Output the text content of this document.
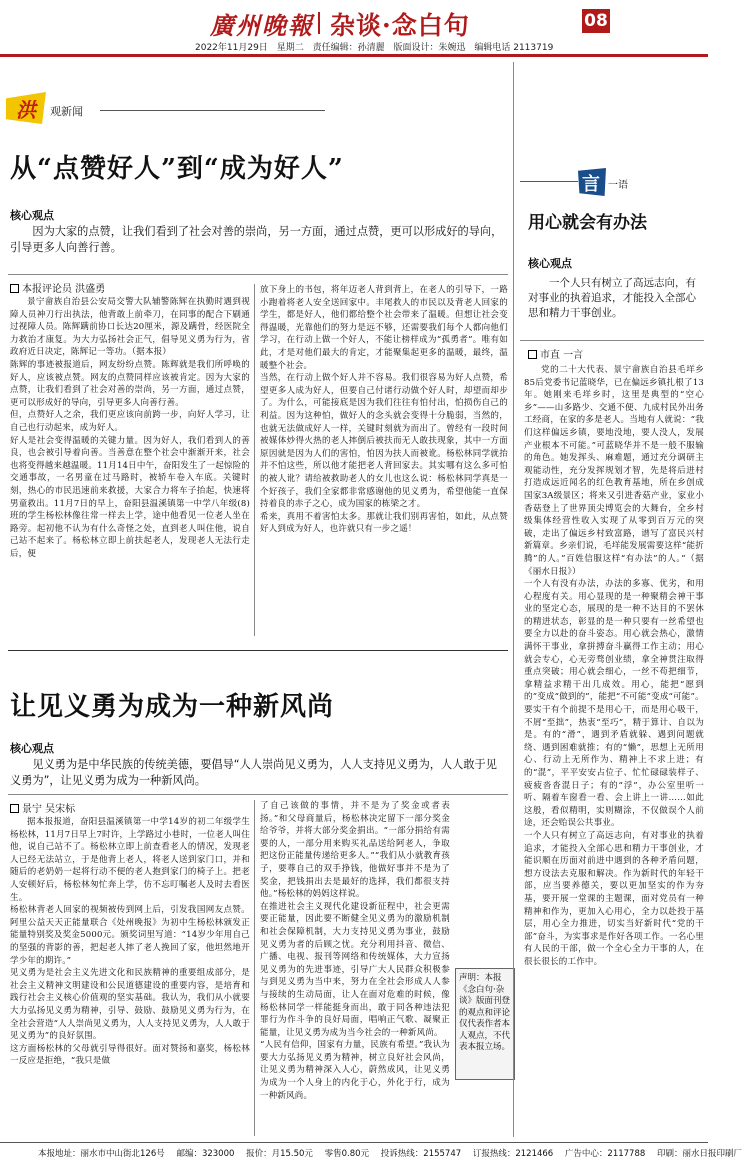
廣州晚報 杂谈·念白句	08
2022年11月29日 星期二 责任编辑：孙清麗 版面设计：朱婉迅 编辑电话 2113719
洪 观新闻
从“点赞好人”到“成为好人”
核心观点
因为大家的点赞，让我们看到了社会对善的崇尚，另一方面，通过点赞，更可以形成好的导向，引导更多人向善行善。
本报评论员 洪盛勇
景宁畲族自治县公安局交警大队辅警陈辉在执勤时遇到视障人员神刀行出执法，他背敢上前牵刀，在同事的配合下刷通过视障人员。陈辉蹒前协口长达20厘米，源及蹒骨，经医院全力救治才康复。为大力弘扬社会正气，倡导见义勇为行为，省政府近日决定，陈辉记一等功。（据本报）
陈辉的事迹被报道后，网友纷纷点赞。陈辉就是我们所呼唤的好人，应该被点赞。网友的点赞同样应该被肯定。因为大家的点赞，让我们看到了社会对善的崇尚，另一方面，通过点赞，更可以形成好的导向，引导更多人向善行善。
但，点赞好人之余，我们更应该向前跨一步，向好人学习，让自己也行动起来，成为好人。
好人是社会变得温暖的关键力量。因为好人，我们看到人的善良，也会被引导着向善。当善意在整个社会中渐渐开来，社会也将变得越来越温暖。11月14日中午，奋阳发生了一起惊险的交通事故，一名男童在过马路时，被轿车卷入车底。关键时刻，热心的市民迅速前来救援，大家合力将车子抬起，快速将男童救出。11月7日的早上，奋阳县温溪镇第一中学八年级(8)班的学生杨松林像往常一样去上学，途中他看见一位老人坐在路旁。起初他不认为有什么奇怪之处，直到老人叫住他，说自己站不起来了。杨松林立即上前扶起老人，发现老人无法行走后，便
放下身上的书包，将年迈老人背到背上，在老人的引导下，一路小跑着将老人安全送回家中。丰尾救人的市民以及背老人回家的学生，都是好人，他们都给整个社会带来了温暖。但想让社会变得温暖，光靠他们的努力是远不够，还需要我们每个人都向他们学习，在行动上做一个好人，不能让榜样成为“孤勇者”。唯有如此，才是对他们最大的肯定，才能聚集起更多的温暖，最终，温暖整个社会。
当然，在行动上做个好人并不容易。我们很容易为好人点赞，希望更多人成为好人，但要自己付诸行动做个好人时，却望而却步了。为什么，可能接底是因为我们往往有怕付出，怕损伤自己的利益。因为这种怕，做好人的念头就会变得十分脆弱，当然的，也就无法做成好人一样，关键时刻就为而出了。曾经有一段时间被媒体炒得火热的老人摔倒后被扶而无人敢扶现象，其中一方面原因就是因为人们的害怕，怕因为扶人而被讹。杨松林同学就抬并不怕这些，所以他才能把老人背回家去。其实哪有这么多可怕的被人讹？请给被救助老人的女儿也这么说：杨松林同学真是一个好孩子，我们全家都非常感谢他的见义勇为，希望他能一直保持着良的赤子之心，成为国家的栋梁之才。
希来，真用不着害怕太多。那就让我们别再害怕，如此，从点赞好人到成为好人，也许就只有一步之遥！
让见义勇为成为一种新风尚
核心观点
见义勇为是中华民族的传统美德，要倡导“人人崇尚见义勇为，人人支持见义勇为，人人敢于见义勇为”，让见义勇为成为一种新风尚。
景宁 吴宋标
据本报报道，奋阳县温溪镇第一中学14岁的初二年级学生杨松林，11月7日早上7时许，上学路过小巷时，一位老人叫住他，说自己站不了。杨松林立即上前查看老人的情况，发现老人已经无法站立，于是他背上老人，将老人送到家门口，并和随后的老奶奶一起将行动不便的老人抱到家门的椅子上。把老人安顿好后，杨松林匆忙奔上学，仿不忘叮嘱老人及时去看医生。
杨松林背老人回家的视频被传到网上后，引发我国网友点赞。阿里公益天天正能量联合《处州晚报》为初中生杨松林颁发正能量特别奖及奖金5000元。颁奖词里写道：“14岁少年用自己的坚强的背影的善，把起老人摔了老人挽回了家，他坦然地开学少年的期许。”
见义勇为是社会主义先进文化和民族精神的重要组成部分，是社会主义精神文明建设和公民道德建设的重要内容，是培育和践行社会主义核心价值观的坚实基础。我认为，我们从小就要大力弘扬见义勇为精神，引导、鼓励、鼓励见义勇为行为，在全社会营造“人人崇尚见义勇为，人人支持见义勇为，人人敢于见义勇为”的良好氛围。
这方面杨松林的父母就引导得很好。面对赞扬和嘉奖，杨松林一反应是拒绝，“我只是做
了自己该做的事情，并不是为了奖金或者表扬。”和父母商量后，杨松林决定留下一部分奖金给爷爷，并将大部分奖金捐出。“一部分捐给有需要的人，一部分用来购买礼品送给阿老人，争取把这份正能量传递给更多人。”“我们从小就教育孩子，要尊自己的双手挣钱，他做好事并不是为了奖金，把钱捐出去是最好的选择，我们都很支持他。”杨松林的妈妈这样说。
在推进社会主义现代化建设新征程中，社会更需要正能量，因此要不断健全见义勇为的激励机制和社会保障机制，大力支持见义勇为事业，鼓励见义勇为者的后顾之忧。充分利用抖音、微信、广播、电视、报刊等网络和传统媒体，大力宣扬见义勇为的先进事迹，引导广大人民群众积极参与到见义勇为当中来，努力在全社会形成人人参与接续的生动局面，让人在面对危难的时候，像杨松林同学一样能挺身而出，敢于同各种违法犯罪行为作斗争的良好局面，唱响正气歌、凝聚正能量，让见义勇为成为当今社会的一种新风尚。
“人民有信仰，国家有力量，民族有希望。”我认为要大力弘扬见义勇为精神，树立良好社会风尚，让见义勇为精神深入人心，蔚然成风，让见义勇为成为一个人身上的内化于心，外化于行，成为一种新风尚。
声明：本报《念白句·杂谈》版面刊登的观点和评论仅代表作者本人观点，不代表本报立场。
言 一语
用心就会有办法
核心观点
一个人只有树立了高远志向，有对事业的执着追求，才能投入全部心思和精力干事创业。
市直 一言
党的二十大代表、景宁畲族自治县毛垟乡85后党委书记蓝晓华，已在偏远乡镇扎根了13年。她刚来毛垟乡时，这里是典型的“空心乡”——山多路少、交通不便、九成村民外出务工经商，在家的多是老人。当地有人就说：“我们这样偏远乡镇，要地没地，要人没人，发展产业根本不可能。”可蓝晓华并不是一般不服输的角色。她发挥头、麻难题，通过充分调研主观能动性，充分发挥规划才智，先是将后进村打造成远近闻名的红色教育基地，所在乡创成国家3A级景区；将来又引进香菇产业，家业小香菇登上了世界顶尖博览会的大舞台，全乡村级集体经营性收入实现了从零到百万元的突破，走出了偏远乡村致富路，谱写了富民兴村新篇章。乡亲们说，毛垟能发展需要这样“能折腾”的人。”百姓信服这样“有办法”的人。”（据《丽水日报》）
一个人有没有办法，办法的多寡、优劣，和用心程度有关。用心显现的是一种聚精会神干事业的坚定心态，展现的是一种不达目的不罢休的精进状态，彰显的是一种只要有一丝希望也要全力以赴的奋斗姿态。用心就会热心，激情满怀干事业，拿拼搏奋斗赢得工作主动；用心就会专心，心无旁骛创业绩，拿全神贯注取得重点突破；用心就会细心，一丝不苟把细节，拿精益求精干出几成效。用心，能把“愿到的”变成“做到的”，能把“不可能”变成“可能”。
要实干有个前提不是用心干，而是用心吸干，不屑“至拙”，热衷“至巧”，精于算计、自以为是。有的“滑”，遇到矛盾就躲、遇到问题就绕、遇到困难就推；有的“懒”，思想上无所用心、行动上无所作为、精神上不求上进；有的“混”，平平安安占位子、忙忙碌碌装样子、疲疲沓沓混日子；有的“浮”，办公室里听一听、隔着车窗看一看、会上讲上一讲……如此这般，看似精明，实则糊涂，不仅做误个人前途，还会贻误公共事业。
一个人只有树立了高远志向，有对事业的执着追求，才能投入全部心思和精力干事创业，才能识顺在历面对前进中遇到的各种矛盾问题，想方设法去克服和解决。作为新时代的年轻干部，应当要养德关，要以更加坚实的作为夯基，要开展一堂课的主题课，面对党员有一种精神和作为，更加入心用心，全力以赴投于基层，用心全力推进，切实当好新时代“党的干部”奋斗，为实事求是作好各项工作。一名心里有人民的干部，做一个全心全力干事的人，在很长很长的工作中。
本报地址：丽水市中山街北126号 邮编：323000 报价：月15.50元 零售0.80元 投诉热线：2155747 订报热线：2121466 广告中心：2117788 印刷：丽水日报印刷厂
